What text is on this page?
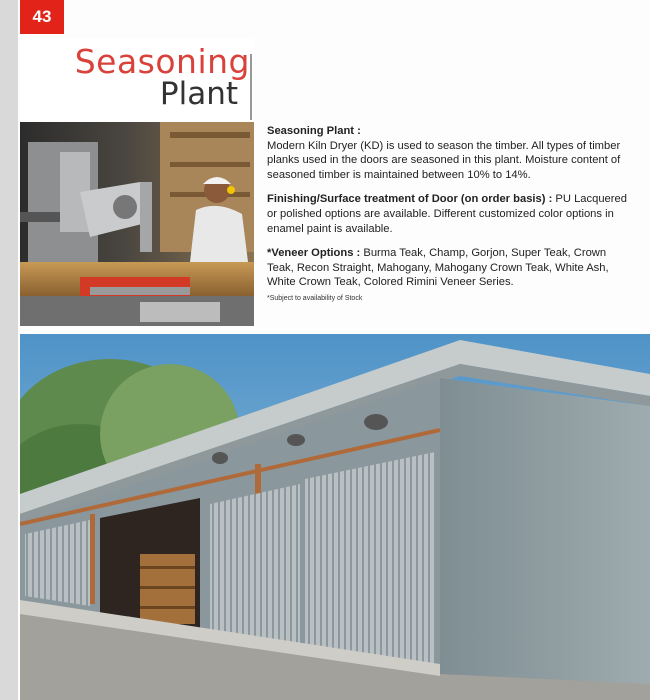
43
Seasoning
Plant

Seasoning Plant :
Modern Kiln Dryer (KD) is used to season the timber. All types of timber planks used in the doors are seasoned in this plant. Moisture content of seasoned timber is maintained between 10% to 14%.

Finishing/Surface treatment of Door (on order basis) : PU Lacquered or polished options are available. Different customized color options in enamel paint is available.

*Veneer Options : Burma Teak, Champ, Gorjon, Super Teak, Crown Teak, Recon Straight, Mahogany, Mahogany Crown Teak, White Ash, White Crown Teak, Colored Rimini Veneer Series.

*Subject to availability of Stock
